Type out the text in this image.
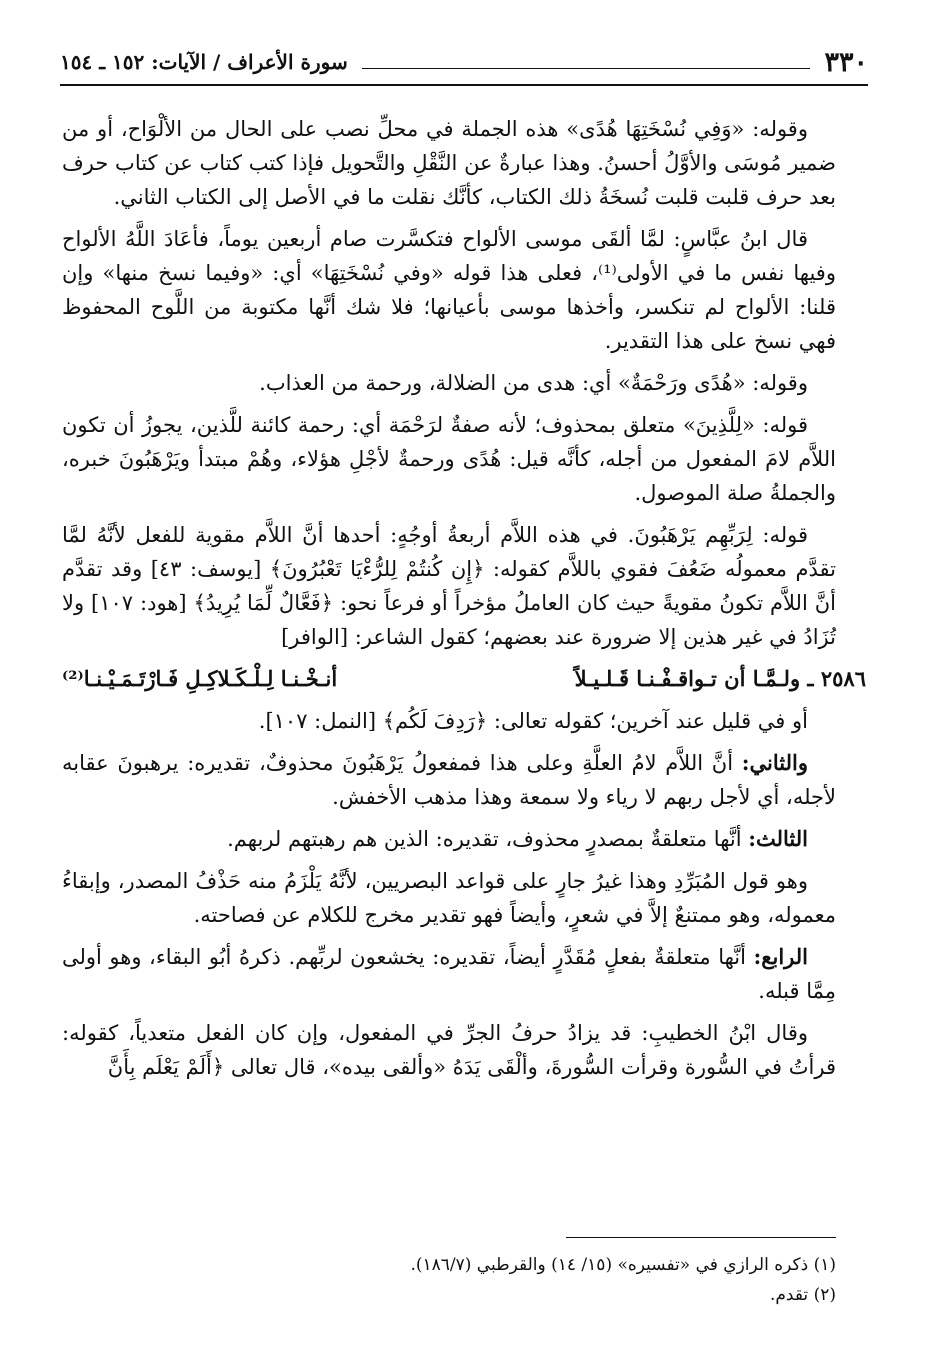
٣٣٠
سورة الأعراف / الآيات: ١٥٢ ـ ١٥٤

وقوله: «وَفِي نُسْخَتِهَا هُدًى» هذه الجملة في محلِّ نصب على الحال من الألْوَاح، أو من ضمير مُوسَى والأوَّلُ أحسنُ. وهذا عبارةٌ عن النَّقْلِ والتَّحويل فإذا كتب كتاب عن كتاب حرف بعد حرف قلبت قلبت نُسخَةُ ذلك الكتاب، كأنَّك نقلت ما في الأصل إلى الكتاب الثاني.

قال ابنُ عبَّاسٍ: لمَّا ألقَى موسى الألواح فتكسَّرت صام أربعين يوماً، فأعَادَ اللَّهُ الألواح وفيها نفس ما في الأولى⁽¹⁾، فعلى هذا قوله «وفي نُسْخَتِهَا» أي: «وفيما نسخ منها» وإن قلنا: الألواح لم تنكسر، وأخذها موسى بأعيانها؛ فلا شك أنَّها مكتوبة من اللَّوح المحفوظ فهي نسخ على هذا التقدير.

وقوله: «هُدًى ورَحْمَةٌ» أي: هدى من الضلالة، ورحمة من العذاب.

قوله: «لِلَّذِينَ» متعلق بمحذوف؛ لأنه صفةٌ لرَحْمَة أي: رحمة كائنة للَّذين، يجوزُ أن تكون اللاَّم لامَ المفعول من أجله، كأنَّه قيل: هُدًى ورحمةٌ لأجْلِ هؤلاء، وهُمْ مبتدأ ويَرْهَبُونَ خبره، والجملةُ صلة الموصول.

قوله: لِرَبِّهِم يَرْهَبُونَ. في هذه اللاَّم أربعةُ أوجُهٍ: أحدها أنَّ اللاَّم مقوية للفعل لأنَّهُ لمَّا تقدَّم معمولُه ضَعُفَ فقوي باللاَّم كقوله: ﴿إِن كُنتُمْ لِلرُّءْيَا تَعْبُرُونَ﴾ [يوسف: ٤٣] وقد تقدَّم أنَّ اللاَّم تكونُ مقويةً حيث كان العاملُ مؤخراً أو فرعاً نحو: ﴿فَعَّالٌ لِّمَا يُرِيدُ﴾ [هود: ١٠٧] ولا تُزَادُ في غير هذين إلا ضرورة عند بعضهم؛ كقول الشاعر: [الوافر]

٢٥٨٦ ـ ولـمَّـا أن تـواقـفْـنـا قَـلـيـلاً
أنـخْـنـا لِـلْـكَـلاكِـلِ فَـارْتَـمَـيْـنـا⁽²⁾

أو في قليل عند آخرين؛ كقوله تعالى: ﴿رَدِفَ لَكُم﴾ [النمل: ١٠٧].

والثاني: أنَّ اللاَّم لامُ العلَّةِ وعلى هذا فمفعولُ يَرْهَبُونَ محذوفٌ، تقديره: يرهبونَ عقابه لأجله، أي لأجل ربهم لا رياء ولا سمعة وهذا مذهب الأخفش.

الثالث: أنَّها متعلقةٌ بمصدرٍ محذوف، تقديره: الذين هم رهبتهم لربهم.

وهو قول المُبَرِّدِ وهذا غيرُ جارٍ على قواعد البصريين، لأنَّهُ يَلْزَمُ منه حَذْفُ المصدر، وإبقاءُ معموله، وهو ممتنعٌ إلاَّ في شعرٍ، وأيضاً فهو تقدير مخرج للكلام عن فصاحته.

الرابع: أنَّها متعلقةٌ بفعلٍ مُقَدَّرٍ أيضاً، تقديره: يخشعون لربِّهم. ذكرهُ أبُو البقاء، وهو أولى مِمَّا قبله.

وقال ابْنُ الخطيبِ: قد يزادُ حرفُ الجرِّ في المفعول، وإن كان الفعل متعدياً، كقوله: قرأتُ في السُّورة وقرأت السُّورةَ، وألْقَى يَدَهُ «وألقى بيده»، قال تعالى ﴿أَلَمْ يَعْلَم بِأَنَّ

(١) ذكره الرازي في «تفسيره» (١٥/ ١٤) والقرطبي (١٨٦/٧).

(٢) تقدم.
